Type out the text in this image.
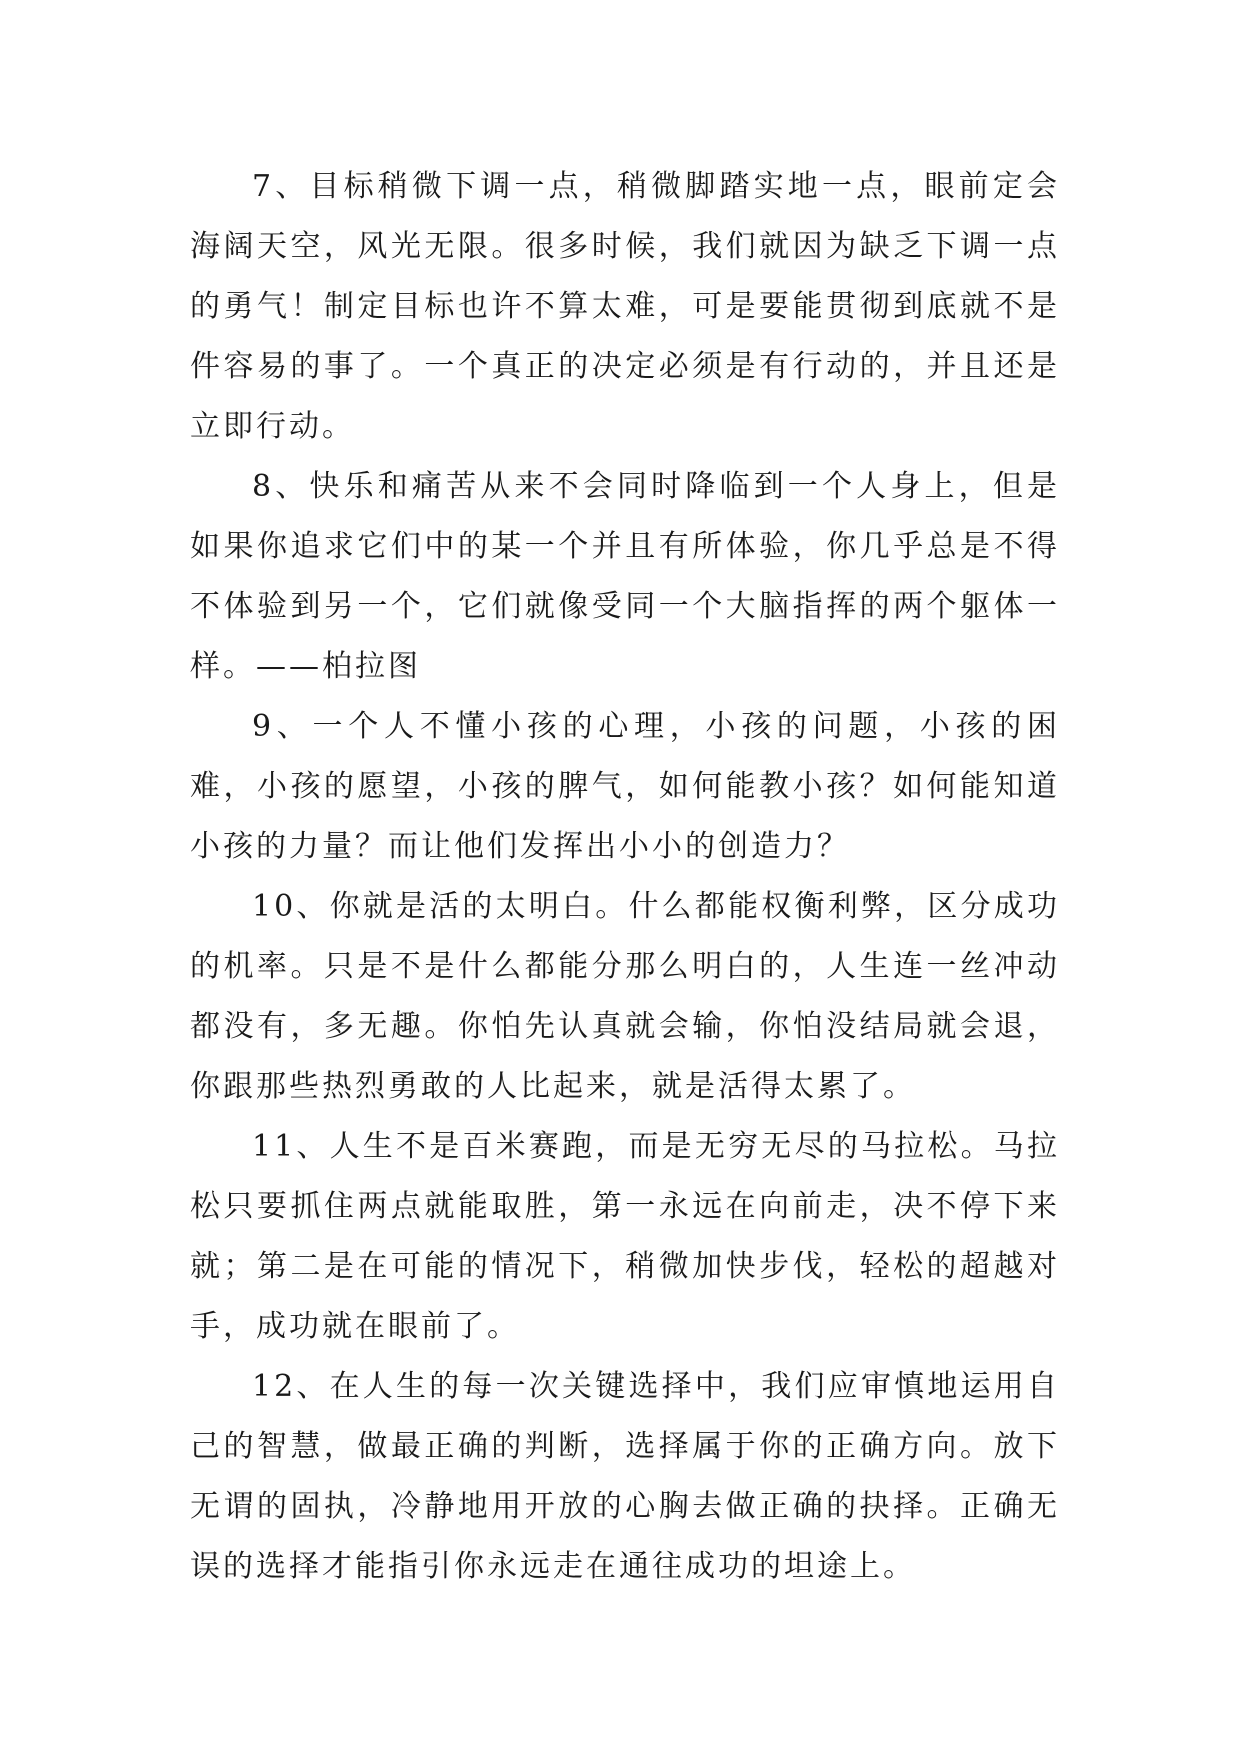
7、目标稍微下调一点，稍微脚踏实地一点，眼前定会海阔天空，风光无限。很多时候，我们就因为缺乏下调一点的勇气！制定目标也许不算太难，可是要能贯彻到底就不是件容易的事了。一个真正的决定必须是有行动的，并且还是立即行动。

8、快乐和痛苦从来不会同时降临到一个人身上，但是如果你追求它们中的某一个并且有所体验，你几乎总是不得不体验到另一个，它们就像受同一个大脑指挥的两个躯体一样。——柏拉图

9、一个人不懂小孩的心理，小孩的问题，小孩的困难，小孩的愿望，小孩的脾气，如何能教小孩？如何能知道小孩的力量？而让他们发挥出小小的创造力？

10、你就是活的太明白。什么都能权衡利弊，区分成功的机率。只是不是什么都能分那么明白的，人生连一丝冲动都没有，多无趣。你怕先认真就会输，你怕没结局就会退，你跟那些热烈勇敢的人比起来，就是活得太累了。

11、人生不是百米赛跑，而是无穷无尽的马拉松。马拉松只要抓住两点就能取胜，第一永远在向前走，决不停下来就；第二是在可能的情况下，稍微加快步伐，轻松的超越对手，成功就在眼前了。

12、在人生的每一次关键选择中，我们应审慎地运用自己的智慧，做最正确的判断，选择属于你的正确方向。放下无谓的固执，冷静地用开放的心胸去做正确的抉择。正确无误的选择才能指引你永远走在通往成功的坦途上。
